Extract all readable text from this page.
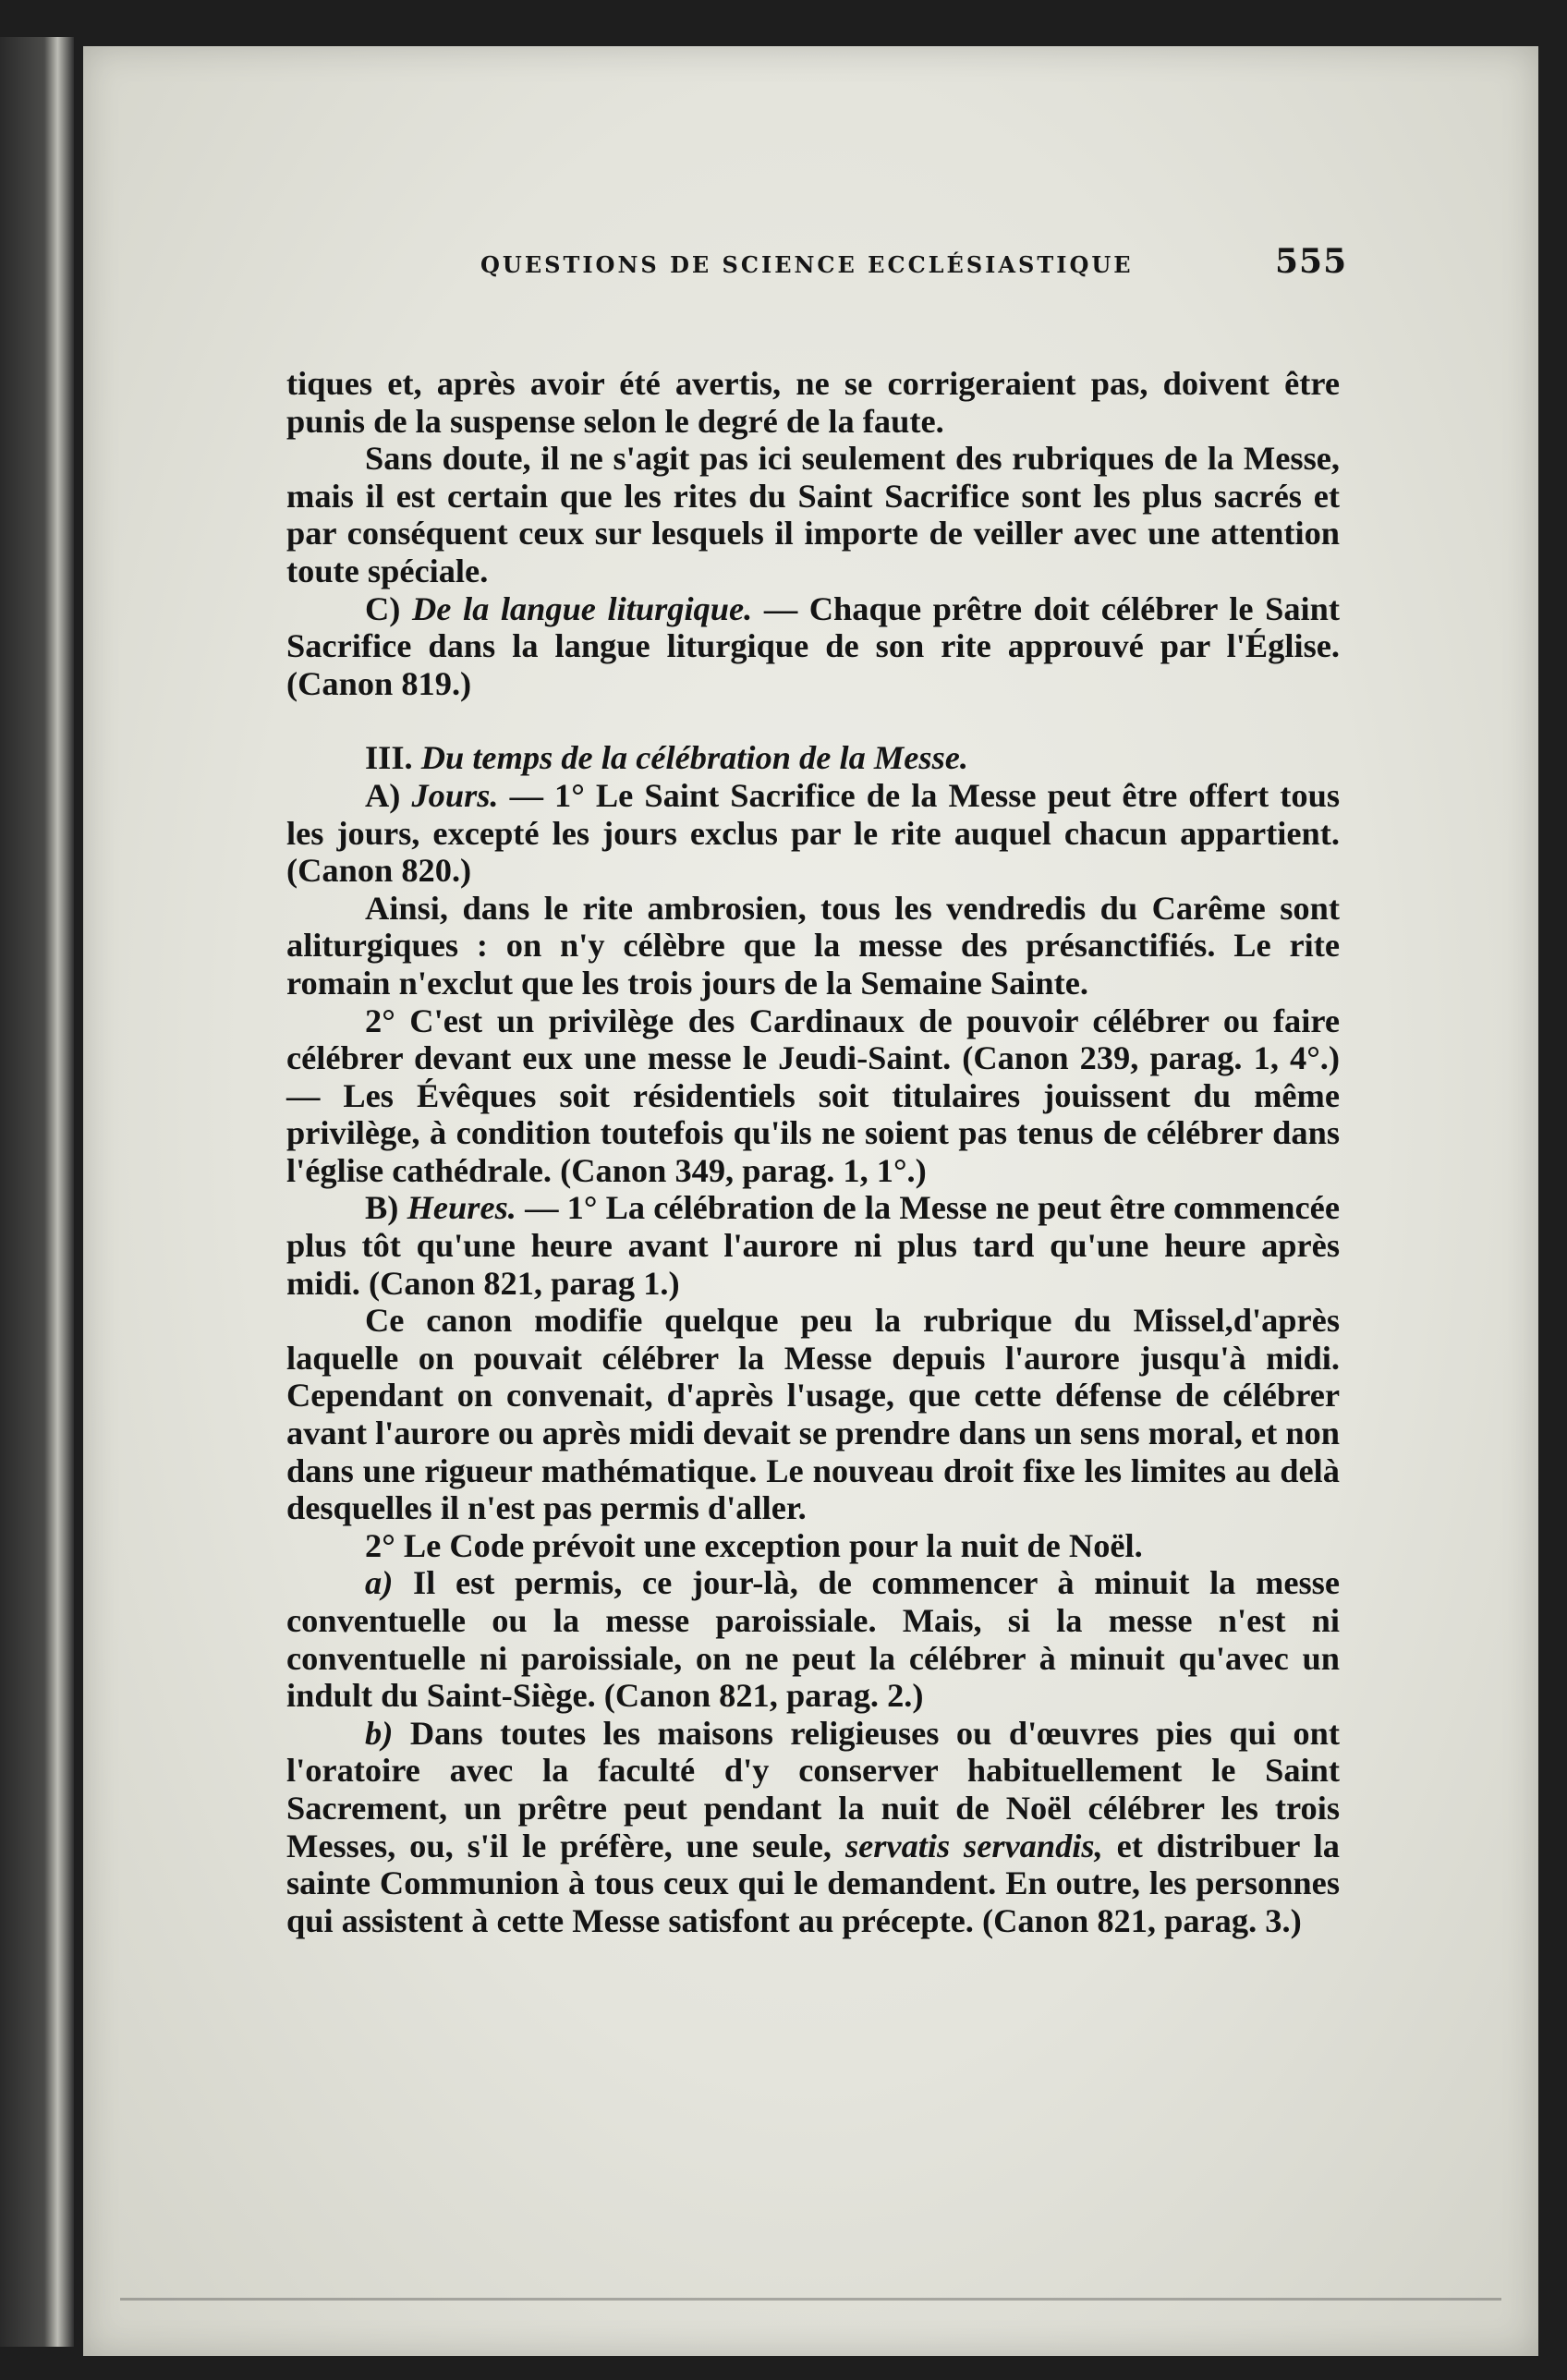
QUESTIONS DE SCIENCE ECCLÉSIASTIQUE	555

tiques et, après avoir été avertis, ne se corrigeraient pas, doivent être punis de la suspense selon le degré de la faute.

Sans doute, il ne s'agit pas ici seulement des rubriques de la Messe, mais il est certain que les rites du Saint Sacrifice sont les plus sacrés et par conséquent ceux sur lesquels il importe de veiller avec une attention toute spéciale.

C) De la langue liturgique. — Chaque prêtre doit célébrer le Saint Sacrifice dans la langue liturgique de son rite approuvé par l'Église. (Canon 819.)

III. Du temps de la célébration de la Messe.

A) Jours. — 1° Le Saint Sacrifice de la Messe peut être offert tous les jours, excepté les jours exclus par le rite auquel chacun appartient. (Canon 820.)

Ainsi, dans le rite ambrosien, tous les vendredis du Carême sont aliturgiques : on n'y célèbre que la messe des présanctifiés. Le rite romain n'exclut que les trois jours de la Semaine Sainte.

2° C'est un privilège des Cardinaux de pouvoir célébrer ou faire célébrer devant eux une messe le Jeudi-Saint. (Canon 239, parag. 1, 4°.) — Les Évêques soit résidentiels soit titulaires jouissent du même privilège, à condition toutefois qu'ils ne soient pas tenus de célébrer dans l'église cathédrale. (Canon 349, parag. 1, 1°.)

B) Heures. — 1° La célébration de la Messe ne peut être commencée plus tôt qu'une heure avant l'aurore ni plus tard qu'une heure après midi. (Canon 821, parag 1.)

Ce canon modifie quelque peu la rubrique du Missel,d'après laquelle on pouvait célébrer la Messe depuis l'aurore jusqu'à midi. Cependant on convenait, d'après l'usage, que cette défense de célébrer avant l'aurore ou après midi devait se prendre dans un sens moral, et non dans une rigueur mathématique. Le nouveau droit fixe les limites au delà desquelles il n'est pas permis d'aller.

2° Le Code prévoit une exception pour la nuit de Noël.

a) Il est permis, ce jour-là, de commencer à minuit la messe conventuelle ou la messe paroissiale. Mais, si la messe n'est ni conventuelle ni paroissiale, on ne peut la célébrer à minuit qu'avec un indult du Saint-Siège. (Canon 821, parag. 2.)

b) Dans toutes les maisons religieuses ou d'œuvres pies qui ont l'oratoire avec la faculté d'y conserver habituellement le Saint Sacrement, un prêtre peut pendant la nuit de Noël célébrer les trois Messes, ou, s'il le préfère, une seule, servatis servandis, et distribuer la sainte Communion à tous ceux qui le demandent. En outre, les personnes qui assistent à cette Messe satisfont au précepte. (Canon 821, parag. 3.)
